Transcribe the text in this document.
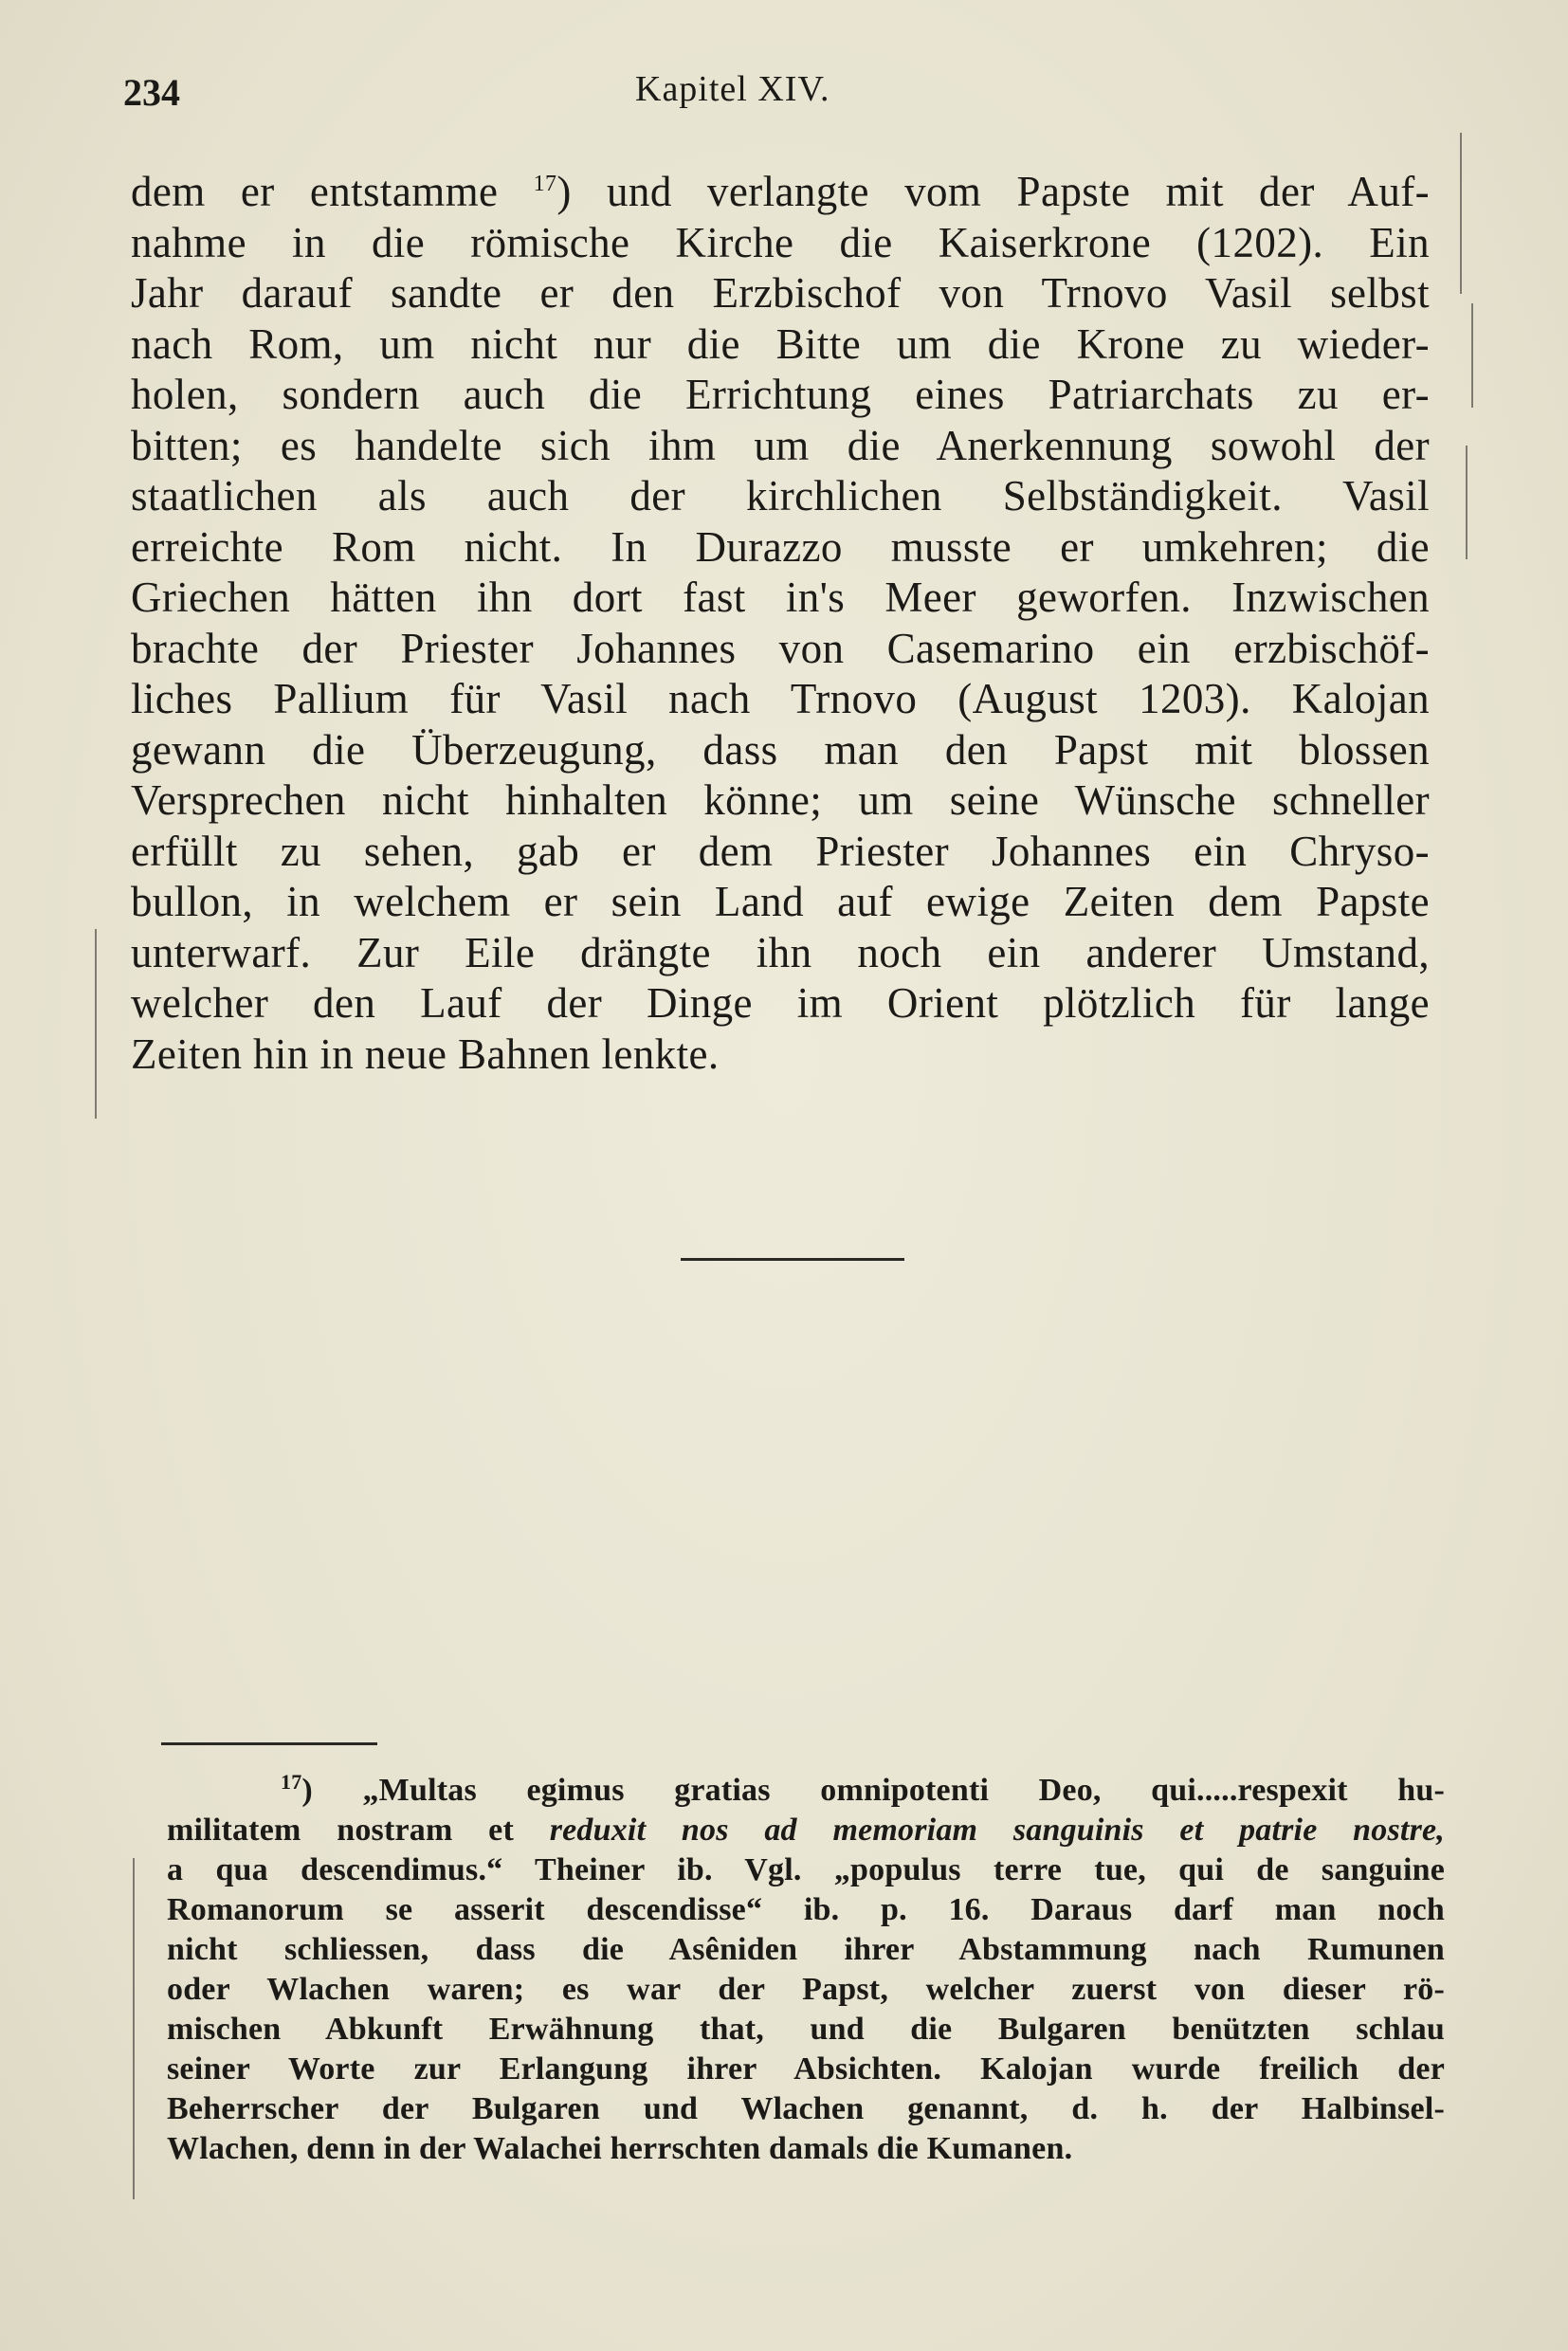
234	Kapitel XIV.
dem er entstamme $^{17}$) und verlangte vom Papste mit der Auf-
nahme in die römische Kirche die Kaiserkrone (1202). Ein
Jahr darauf sandte er den Erzbischof von Trnovo Vasil selbst
nach Rom, um nicht nur die Bitte um die Krone zu wieder-
holen, sondern auch die Errichtung eines Patriarchats zu er-
bitten; es handelte sich ihm um die Anerkennung sowohl der
staatlichen als auch der kirchlichen Selbständigkeit. Vasil
erreichte Rom nicht. In Durazzo musste er umkehren; die
Griechen hätten ihn dort fast in's Meer geworfen. Inzwischen
brachte der Priester Johannes von Casemarino ein erzbischöf-
liches Pallium für Vasil nach Trnovo (August 1203). Kalojan
gewann die Überzeugung, dass man den Papst mit blossen
Versprechen nicht hinhalten könne; um seine Wünsche schneller
erfüllt zu sehen, gab er dem Priester Johannes ein Chryso-
bullon, in welchem er sein Land auf ewige Zeiten dem Papste
unterwarf. Zur Eile drängte ihn noch ein anderer Umstand,
welcher den Lauf der Dinge im Orient plötzlich für lange
Zeiten hin in neue Bahnen lenkte.
$^{17}$) „Multas egimus gratias omnipotenti Deo, qui.....respexit hu-
militatem nostram et reduxit nos ad memoriam sanguinis et patrie nostre,
a qua descendimus.“ Theiner ib. Vgl. „populus terre tue, qui de sanguine
Romanorum se asserit descendisse“ ib. p. 16. Daraus darf man noch
nicht schliessen, dass die Asêniden ihrer Abstammung nach Rumunen
oder Wlachen waren; es war der Papst, welcher zuerst von dieser rö-
mischen Abkunft Erwähnung that, und die Bulgaren benützten schlau
seiner Worte zur Erlangung ihrer Absichten. Kalojan wurde freilich der
Beherrscher der Bulgaren und Wlachen genannt, d. h. der Halbinsel-
Wlachen, denn in der Walachei herrschten damals die Kumanen.
